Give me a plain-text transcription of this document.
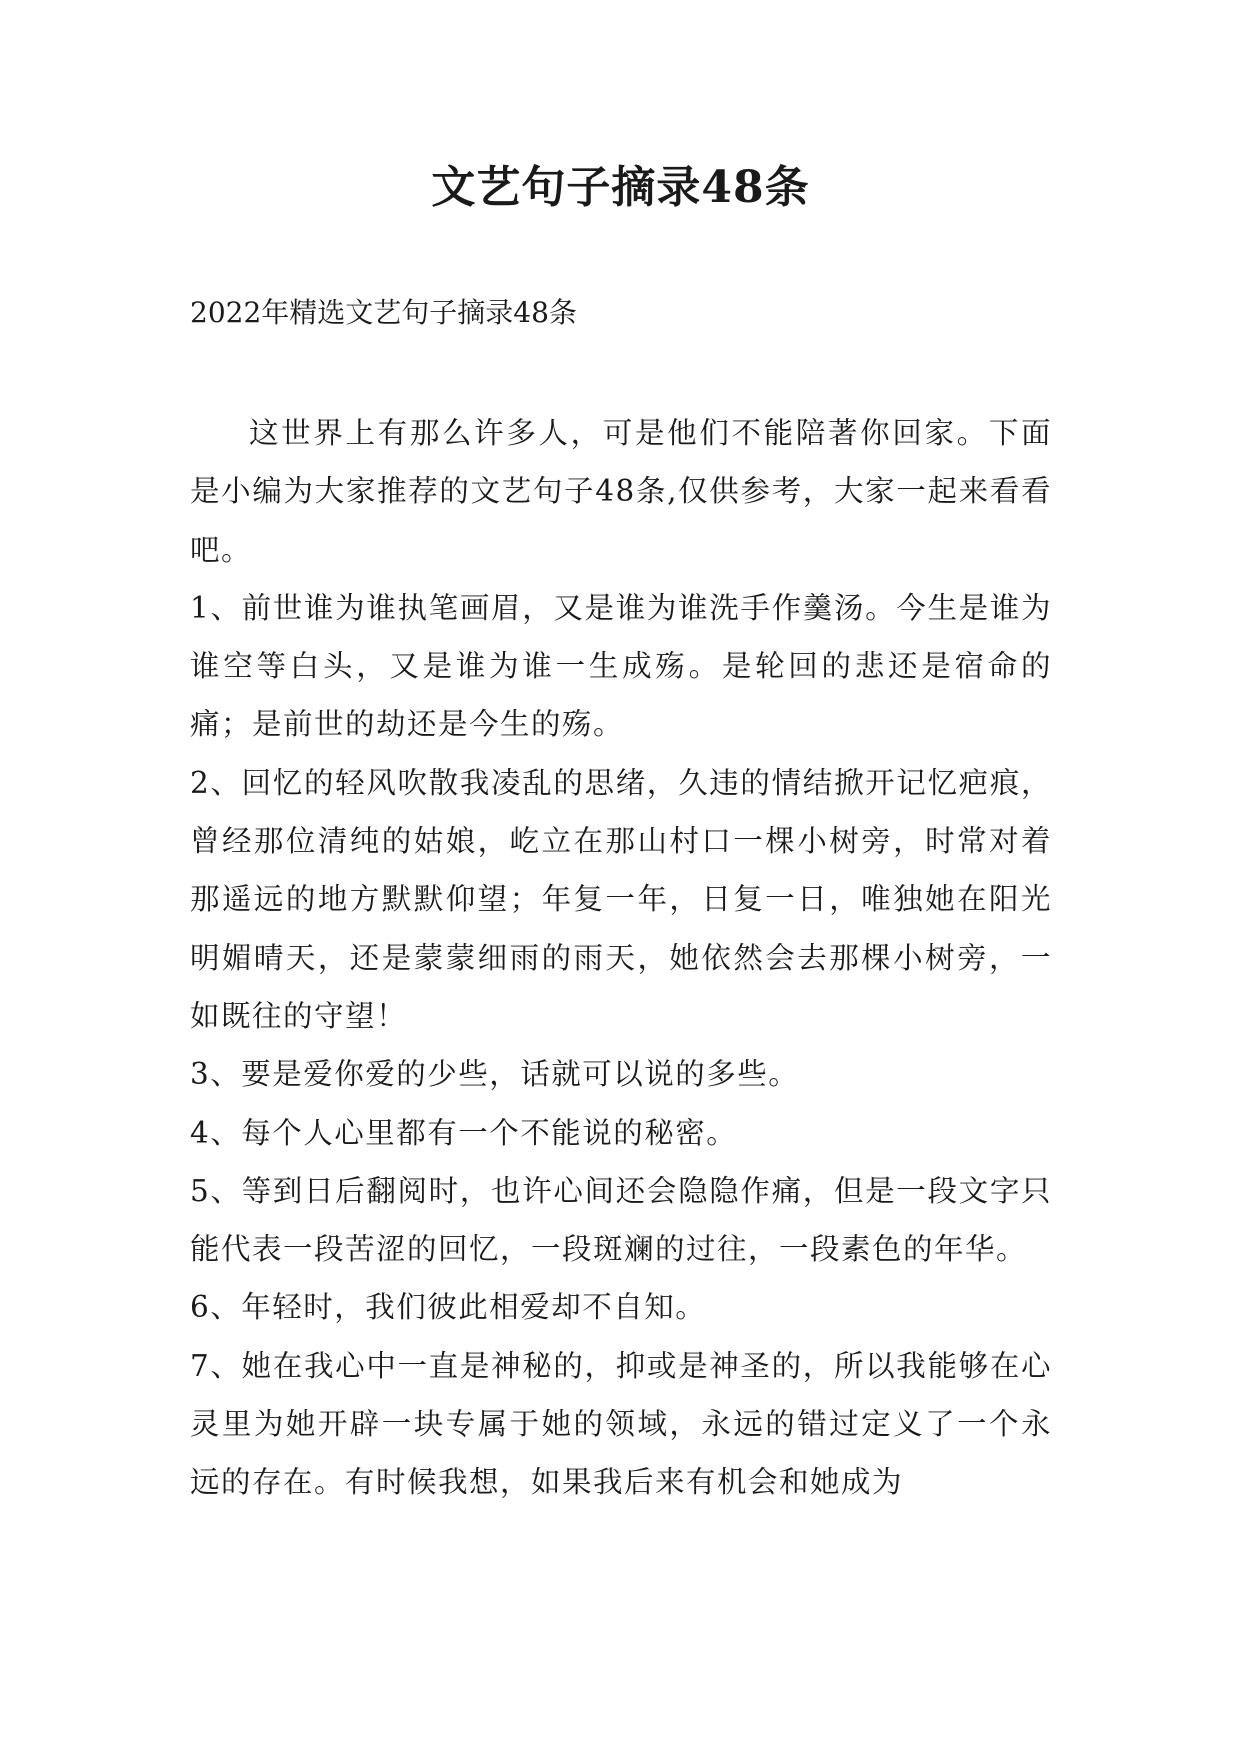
文艺句子摘录48条
2022年精选文艺句子摘录48条

这世界上有那么许多人，可是他们不能陪著你回家。下面是小编为大家推荐的文艺句子48条,仅供参考，大家一起来看看吧。

1、前世谁为谁执笔画眉，又是谁为谁洗手作羹汤。今生是谁为谁空等白头，又是谁为谁一生成殇。是轮回的悲还是宿命的痛；是前世的劫还是今生的殇。

2、回忆的轻风吹散我凌乱的思绪，久违的情结掀开记忆疤痕，曾经那位清纯的姑娘，屹立在那山村口一棵小树旁，时常对着那遥远的地方默默仰望；年复一年，日复一日，唯独她在阳光明媚晴天，还是蒙蒙细雨的雨天，她依然会去那棵小树旁，一如既往的守望！

3、要是爱你爱的少些，话就可以说的多些。

4、每个人心里都有一个不能说的秘密。

5、等到日后翻阅时，也许心间还会隐隐作痛，但是一段文字只能代表一段苦涩的回忆，一段斑斓的过往，一段素色的年华。

6、年轻时，我们彼此相爱却不自知。

7、她在我心中一直是神秘的，抑或是神圣的，所以我能够在心灵里为她开辟一块专属于她的领域，永远的错过定义了一个永远的存在。有时候我想，如果我后来有机会和她成为
